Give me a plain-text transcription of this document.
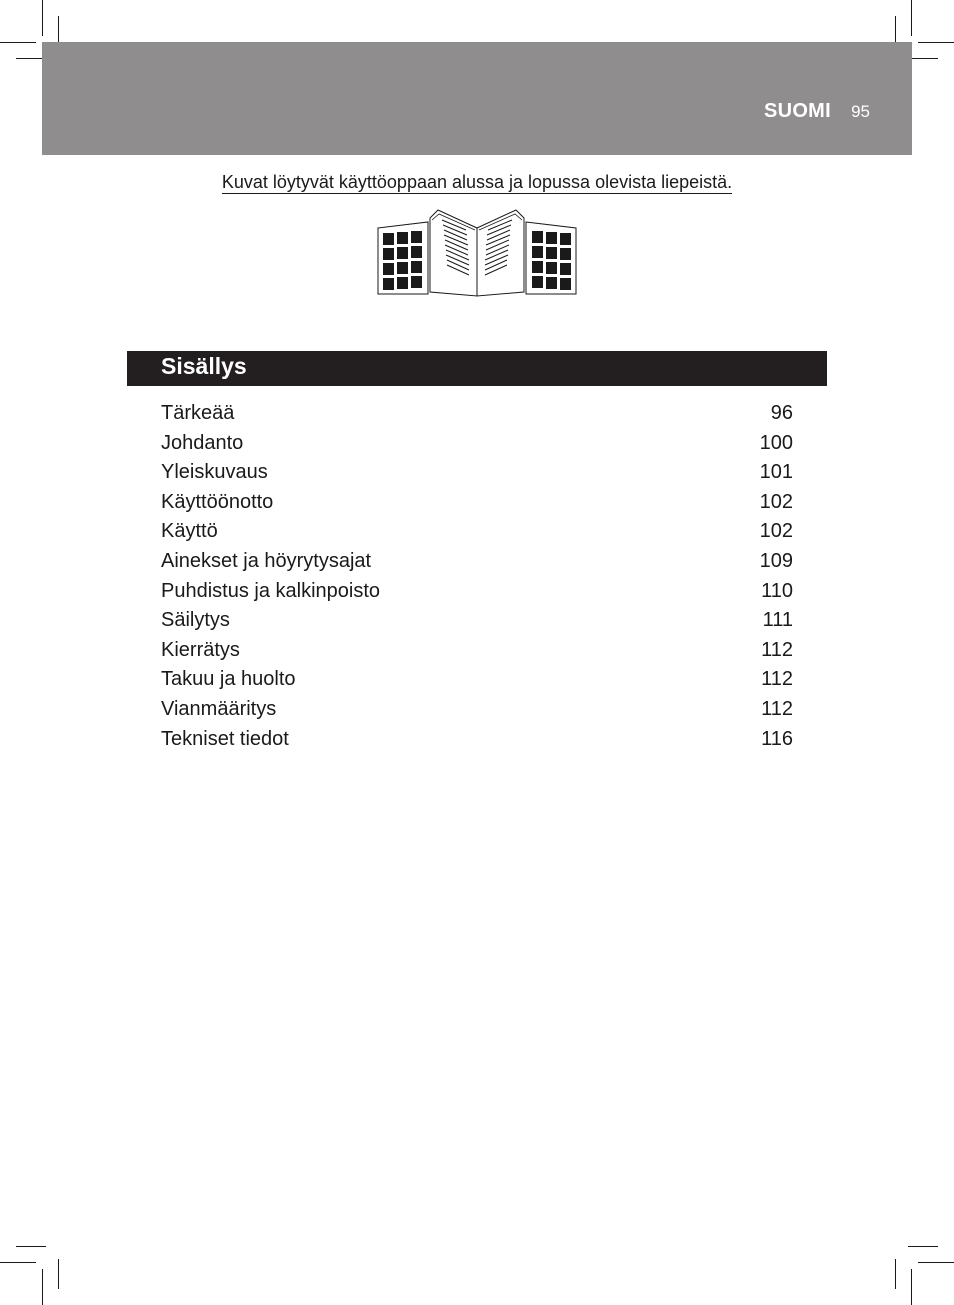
SUOMI 95
Kuvat löytyvät käyttöoppaan alussa ja lopussa olevista liepeistä.
Sisällys
Tärkeää	96
Johdanto	100
Yleiskuvaus	101
Käyttöönotto	102
Käyttö	102
Ainekset ja höyrytysajat	109
Puhdistus ja kalkinpoisto	110
Säilytys	111
Kierrätys	112
Takuu ja huolto	112
Vianmääritys	112
Tekniset tiedot	116
